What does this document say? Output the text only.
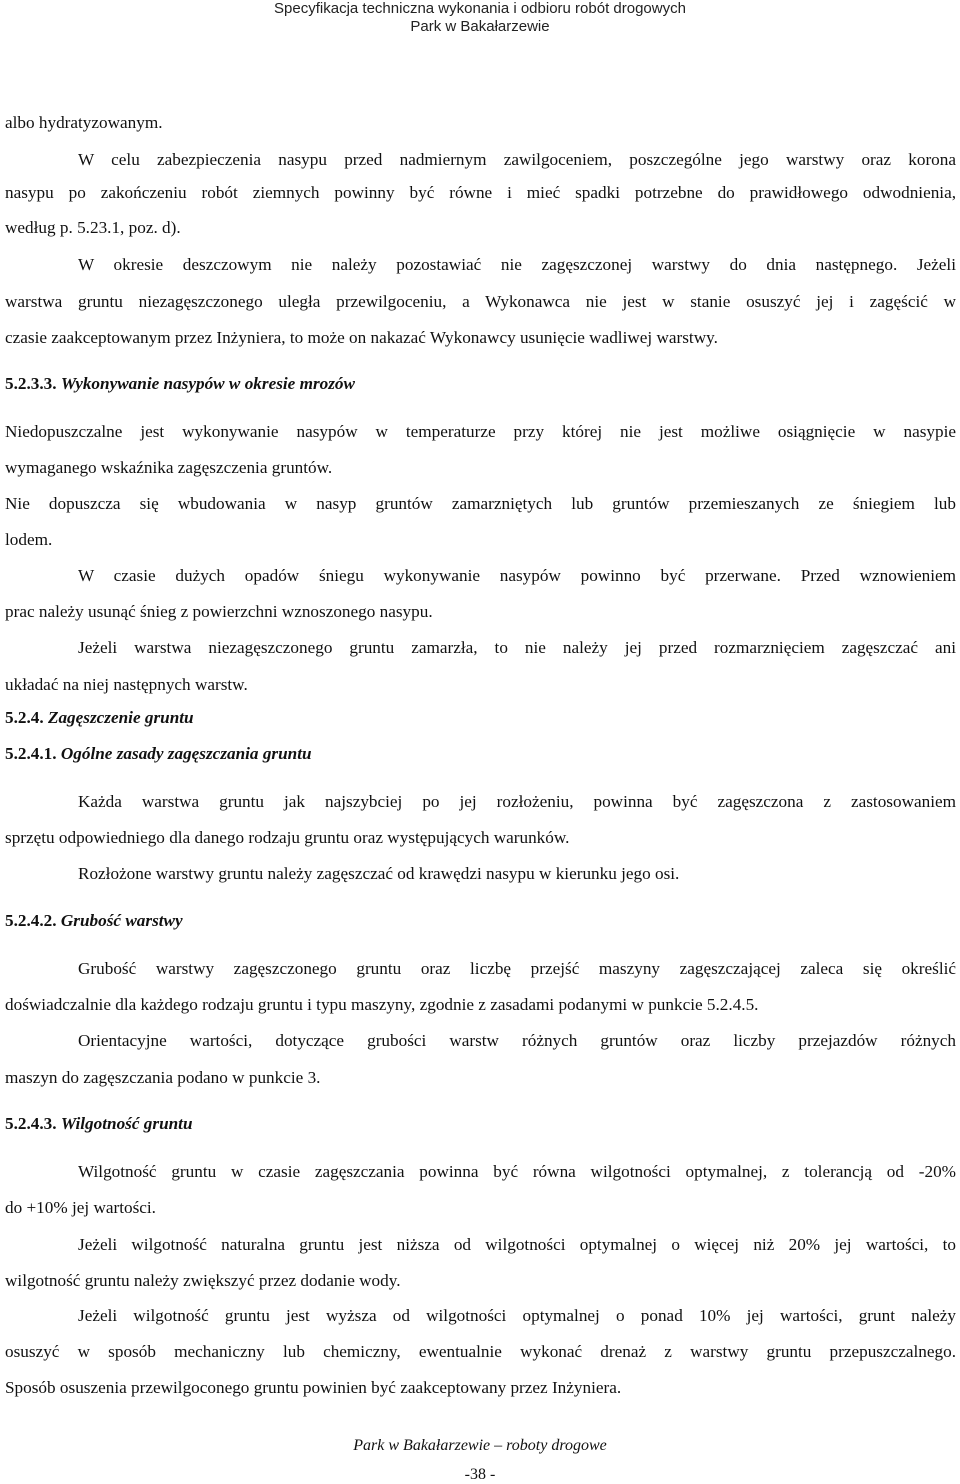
Specyfikacja techniczna wykonania i odbioru robót drogowych
Park w Bakałarzewie
albo hydratyzowanym.
W celu zabezpieczenia nasypu przed nadmiernym zawilgoceniem, poszczególne jego warstwy oraz korona
nasypu po zakończeniu robót ziemnych powinny być równe i mieć spadki potrzebne do prawidłowego odwodnienia,
według p. 5.23.1, poz. d).
W okresie deszczowym nie należy pozostawiać nie zagęszczonej warstwy do dnia następnego. Jeżeli
warstwa gruntu niezagęszczonego uległa przewilgoceniu, a Wykonawca nie jest w stanie osuszyć jej i zagęścić w
czasie zaakceptowanym przez Inżyniera, to może on nakazać Wykonawcy usunięcie wadliwej warstwy.
5.2.3.3. Wykonywanie nasypów w okresie mrozów
Niedopuszczalne jest wykonywanie nasypów w temperaturze przy której nie jest możliwe osiągnięcie w nasypie
wymaganego wskaźnika zagęszczenia gruntów.
Nie dopuszcza się wbudowania w nasyp gruntów zamarzniętych lub gruntów przemieszanych ze śniegiem lub
lodem.
W czasie dużych opadów śniegu wykonywanie nasypów powinno być przerwane. Przed wznowieniem
prac należy usunąć śnieg z powierzchni wznoszonego nasypu.
Jeżeli warstwa niezagęszczonego gruntu zamarzła, to nie należy jej przed rozmarznięciem zagęszczać ani
układać na niej następnych warstw.
5.2.4. Zagęszczenie gruntu
5.2.4.1. Ogólne zasady zagęszczania gruntu
Każda warstwa gruntu jak najszybciej po jej rozłożeniu, powinna być zagęszczona z zastosowaniem
sprzętu odpowiedniego dla danego rodzaju gruntu oraz występujących warunków.
Rozłożone warstwy gruntu należy zagęszczać od krawędzi nasypu w kierunku jego osi.
5.2.4.2. Grubość warstwy
Grubość warstwy zagęszczonego gruntu oraz liczbę przejść maszyny zagęszczającej zaleca się określić
doświadczalnie dla każdego rodzaju gruntu i typu maszyny, zgodnie z zasadami podanymi w punkcie 5.2.4.5.
Orientacyjne wartości, dotyczące grubości warstw różnych gruntów oraz liczby przejazdów różnych
maszyn do zagęszczania podano w punkcie 3.
5.2.4.3. Wilgotność gruntu
Wilgotność gruntu w czasie zagęszczania powinna być równa wilgotności optymalnej, z tolerancją od -20%
do +10% jej wartości.
Jeżeli wilgotność naturalna gruntu jest niższa od wilgotności optymalnej o więcej niż 20% jej wartości, to
wilgotność gruntu należy zwiększyć przez dodanie wody.
Jeżeli wilgotność gruntu jest wyższa od wilgotności optymalnej o ponad 10% jej wartości, grunt należy
osuszyć w sposób mechaniczny lub chemiczny, ewentualnie wykonać drenaż z warstwy gruntu przepuszczalnego.
Sposób osuszenia przewilgoconego gruntu powinien być zaakceptowany przez Inżyniera.
Park w Bakałarzewie – roboty drogowe
-38 -
